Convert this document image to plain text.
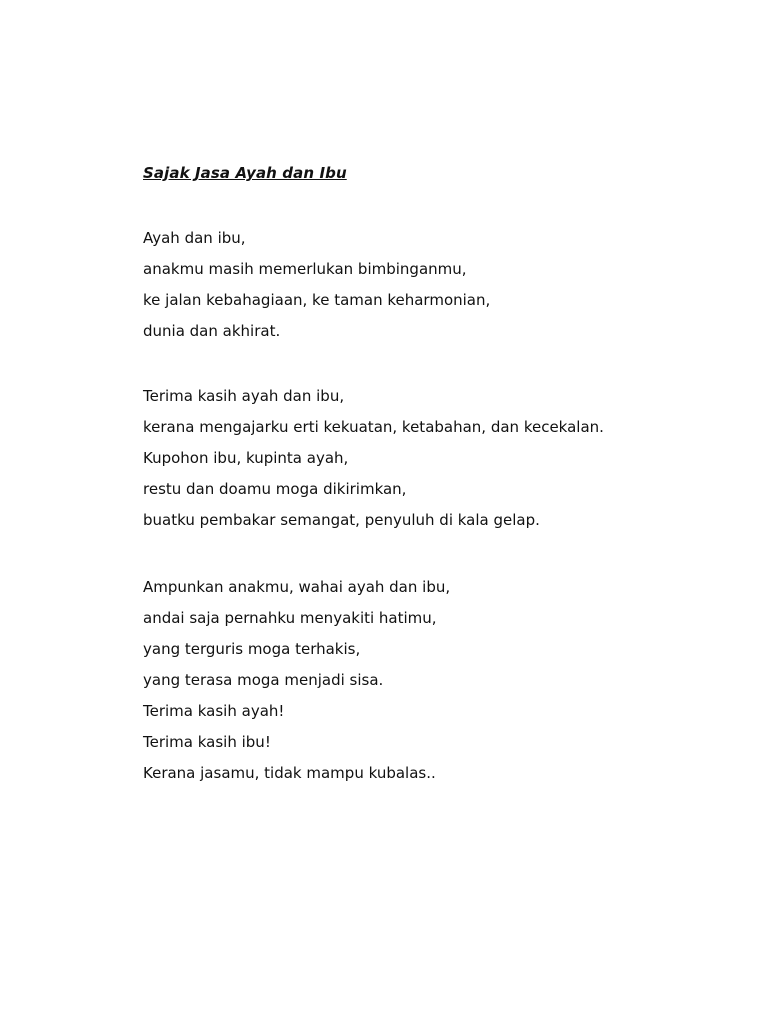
Sajak Jasa Ayah dan Ibu
Ayah dan ibu,
anakmu masih memerlukan bimbinganmu,
ke jalan kebahagiaan, ke taman keharmonian,
dunia dan akhirat.
Terima kasih ayah dan ibu,
kerana mengajarku erti kekuatan, ketabahan, dan kecekalan.
Kupohon ibu, kupinta ayah,
restu dan doamu moga dikirimkan,
buatku pembakar semangat, penyuluh di kala gelap.
Ampunkan anakmu, wahai ayah dan ibu,
andai saja pernahku menyakiti hatimu,
yang terguris moga terhakis,
yang terasa moga menjadi sisa.
Terima kasih ayah!
Terima kasih ibu!
Kerana jasamu, tidak mampu kubalas..
